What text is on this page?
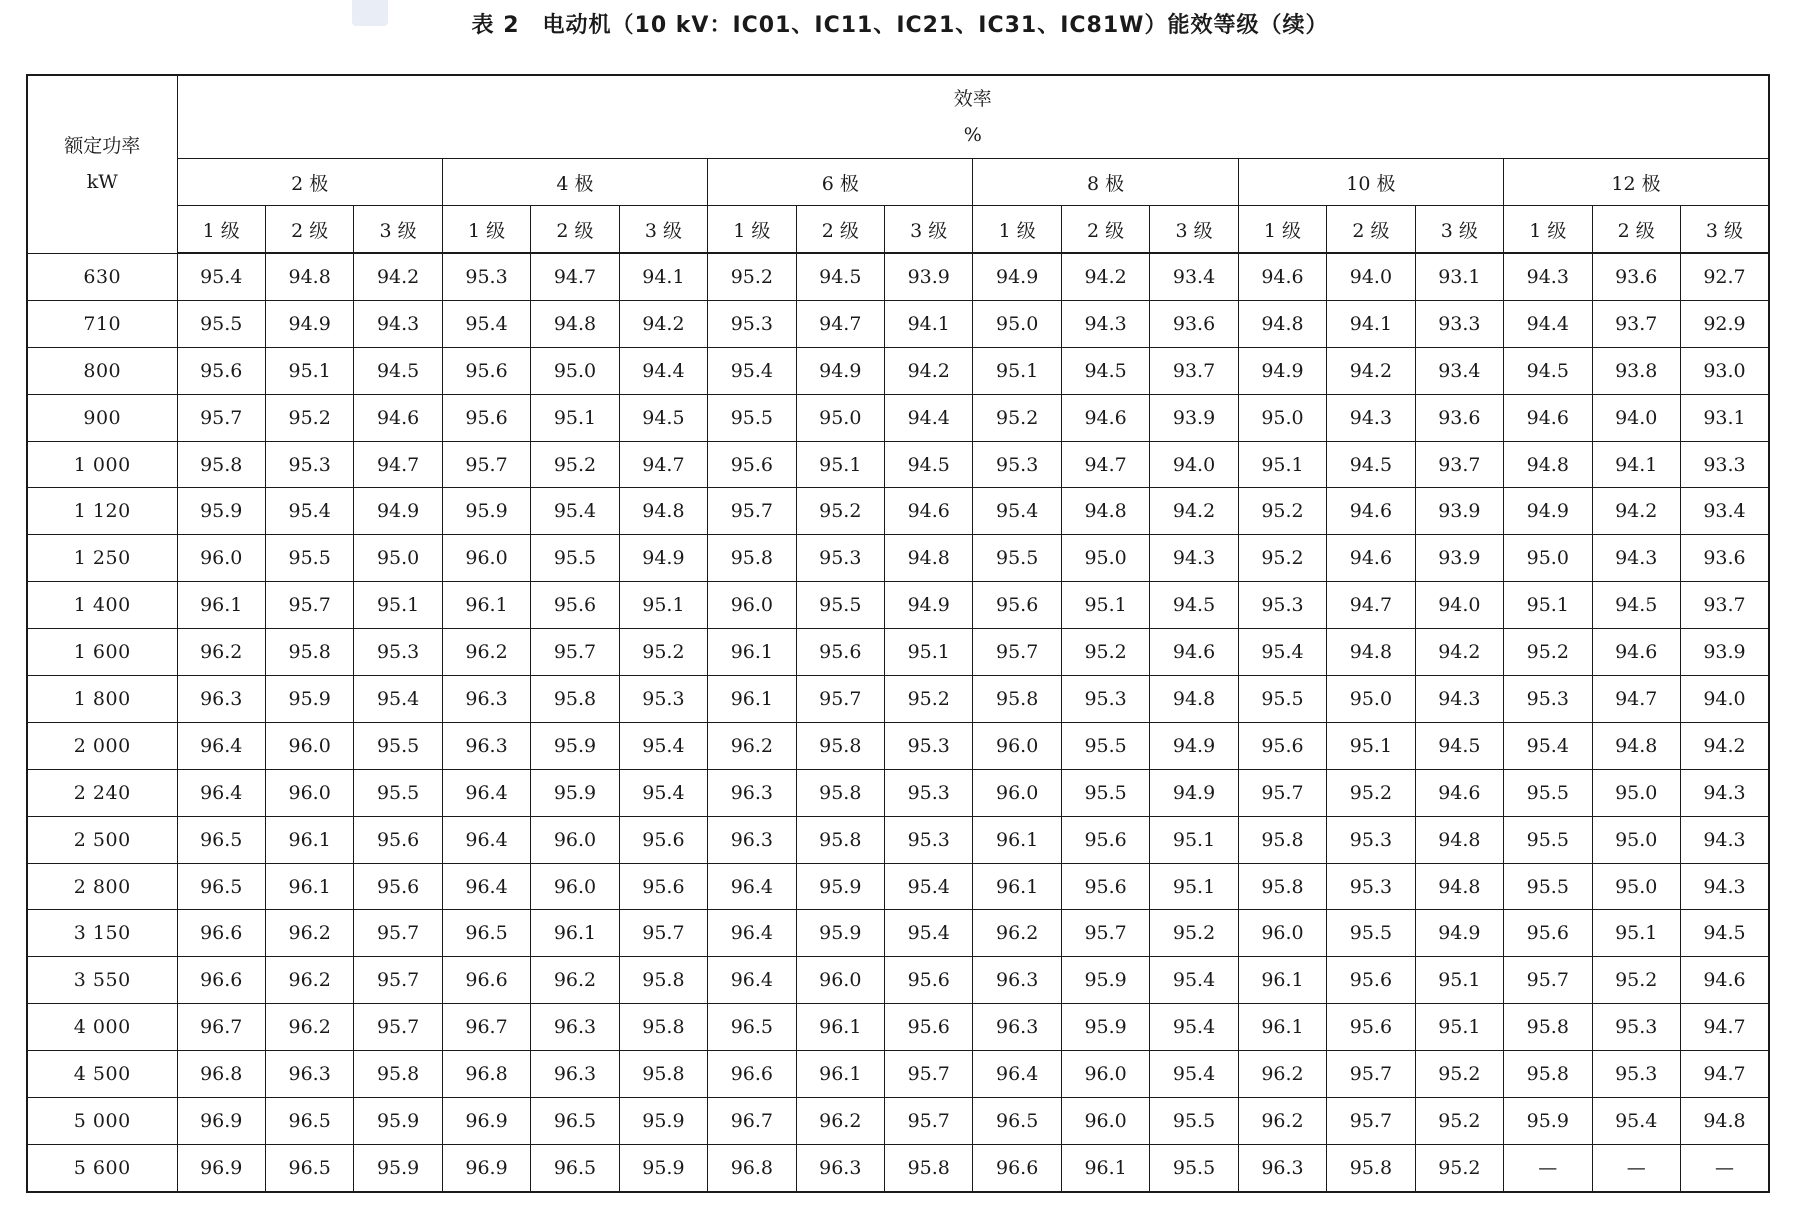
表 2　电动机（10 kV：IC01、IC11、IC21、IC31、IC81W）能效等级（续）
额定功率
kW	效率
%																	

	2 极			4 极			6 极			8 极			10 极			12 极		
	1 级	2 级	3 级	1 级	2 级	3 级	1 级	2 级	3 级	1 级	2 级	3 级	1 级	2 级	3 级	1 级	2 级	3 级
630	95.4	94.8	94.2	95.3	94.7	94.1	95.2	94.5	93.9	94.9	94.2	93.4	94.6	94.0	93.1	94.3	93.6	92.7
710	95.5	94.9	94.3	95.4	94.8	94.2	95.3	94.7	94.1	95.0	94.3	93.6	94.8	94.1	93.3	94.4	93.7	92.9
800	95.6	95.1	94.5	95.6	95.0	94.4	95.4	94.9	94.2	95.1	94.5	93.7	94.9	94.2	93.4	94.5	93.8	93.0
900	95.7	95.2	94.6	95.6	95.1	94.5	95.5	95.0	94.4	95.2	94.6	93.9	95.0	94.3	93.6	94.6	94.0	93.1
1 000	95.8	95.3	94.7	95.7	95.2	94.7	95.6	95.1	94.5	95.3	94.7	94.0	95.1	94.5	93.7	94.8	94.1	93.3
1 120	95.9	95.4	94.9	95.9	95.4	94.8	95.7	95.2	94.6	95.4	94.8	94.2	95.2	94.6	93.9	94.9	94.2	93.4
1 250	96.0	95.5	95.0	96.0	95.5	94.9	95.8	95.3	94.8	95.5	95.0	94.3	95.2	94.6	93.9	95.0	94.3	93.6
1 400	96.1	95.7	95.1	96.1	95.6	95.1	96.0	95.5	94.9	95.6	95.1	94.5	95.3	94.7	94.0	95.1	94.5	93.7
1 600	96.2	95.8	95.3	96.2	95.7	95.2	96.1	95.6	95.1	95.7	95.2	94.6	95.4	94.8	94.2	95.2	94.6	93.9
1 800	96.3	95.9	95.4	96.3	95.8	95.3	96.1	95.7	95.2	95.8	95.3	94.8	95.5	95.0	94.3	95.3	94.7	94.0
2 000	96.4	96.0	95.5	96.3	95.9	95.4	96.2	95.8	95.3	96.0	95.5	94.9	95.6	95.1	94.5	95.4	94.8	94.2
2 240	96.4	96.0	95.5	96.4	95.9	95.4	96.3	95.8	95.3	96.0	95.5	94.9	95.7	95.2	94.6	95.5	95.0	94.3
2 500	96.5	96.1	95.6	96.4	96.0	95.6	96.3	95.8	95.3	96.1	95.6	95.1	95.8	95.3	94.8	95.5	95.0	94.3
2 800	96.5	96.1	95.6	96.4	96.0	95.6	96.4	95.9	95.4	96.1	95.6	95.1	95.8	95.3	94.8	95.5	95.0	94.3
3 150	96.6	96.2	95.7	96.5	96.1	95.7	96.4	95.9	95.4	96.2	95.7	95.2	96.0	95.5	94.9	95.6	95.1	94.5
3 550	96.6	96.2	95.7	96.6	96.2	95.8	96.4	96.0	95.6	96.3	95.9	95.4	96.1	95.6	95.1	95.7	95.2	94.6
4 000	96.7	96.2	95.7	96.7	96.3	95.8	96.5	96.1	95.6	96.3	95.9	95.4	96.1	95.6	95.1	95.8	95.3	94.7
4 500	96.8	96.3	95.8	96.8	96.3	95.8	96.6	96.1	95.7	96.4	96.0	95.4	96.2	95.7	95.2	95.8	95.3	94.7
5 000	96.9	96.5	95.9	96.9	96.5	95.9	96.7	96.2	95.7	96.5	96.0	95.5	96.2	95.7	95.2	95.9	95.4	94.8
5 600	96.9	96.5	95.9	96.9	96.5	95.9	96.8	96.3	95.8	96.6	96.1	95.5	96.3	95.8	95.2	—	—	—
